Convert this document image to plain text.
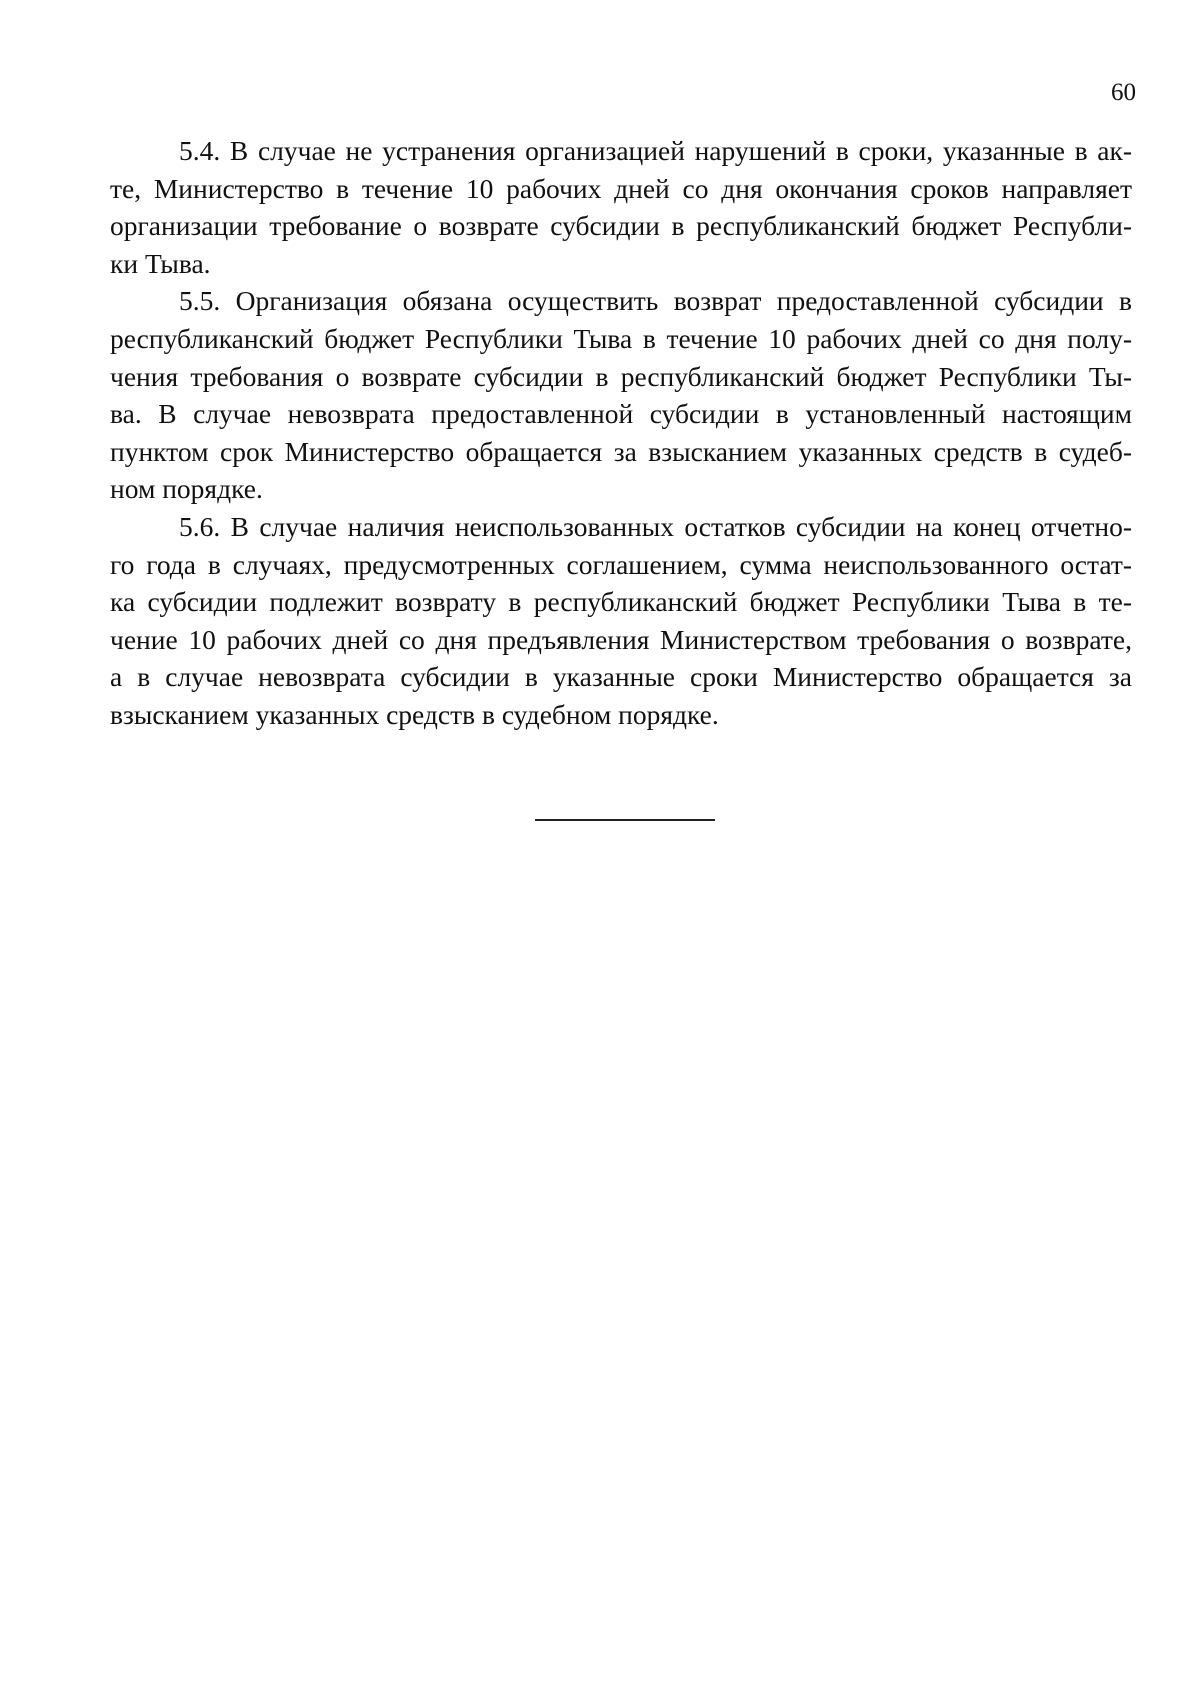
60
5.4. В случае не устранения организацией нарушений в сроки, указанные в ак-
те, Министерство в течение 10 рабочих дней со дня окончания сроков направляет
организации требование о возврате субсидии в республиканский бюджет Республи-
ки Тыва.
5.5. Организация обязана осуществить возврат предоставленной субсидии в
республиканский бюджет Республики Тыва в течение 10 рабочих дней со дня полу-
чения требования о возврате субсидии в республиканский бюджет Республики Ты-
ва. В случае невозврата предоставленной субсидии в установленный настоящим
пунктом срок Министерство обращается за взысканием указанных средств в судеб-
ном порядке.
5.6. В случае наличия неиспользованных остатков субсидии на конец отчетно-
го года в случаях, предусмотренных соглашением, сумма неиспользованного остат-
ка субсидии подлежит возврату в республиканский бюджет Республики Тыва в те-
чение 10 рабочих дней со дня предъявления Министерством требования о возврате,
а в случае невозврата субсидии в указанные сроки Министерство обращается за
взысканием указанных средств в судебном порядке.
